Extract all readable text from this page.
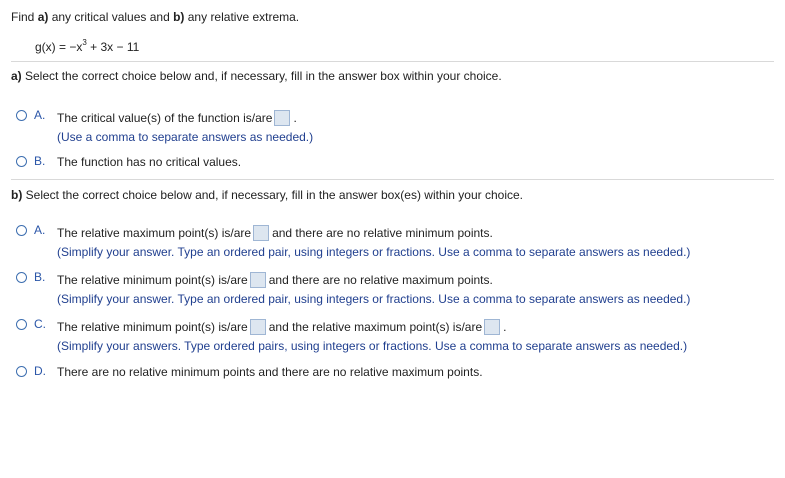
Find a) any critical values and b) any relative extrema.
$g(x) = -x^3 + 3x - 11$
a) Select the correct choice below and, if necessary, fill in the answer box within your choice.
A. The critical value(s) of the function is/are .
(Use a comma to separate answers as needed.)
B. The function has no critical values.
b) Select the correct choice below and, if necessary, fill in the answer box(es) within your choice.
A. The relative maximum point(s) is/are and there are no relative minimum points.
(Simplify your answer. Type an ordered pair, using integers or fractions. Use a comma to separate answers as needed.)
B. The relative minimum point(s) is/are and there are no relative maximum points.
(Simplify your answer. Type an ordered pair, using integers or fractions. Use a comma to separate answers as needed.)
C. The relative minimum point(s) is/are and the relative maximum point(s) is/are .
(Simplify your answers. Type ordered pairs, using integers or fractions. Use a comma to separate answers as needed.)
D. There are no relative minimum points and there are no relative maximum points.
